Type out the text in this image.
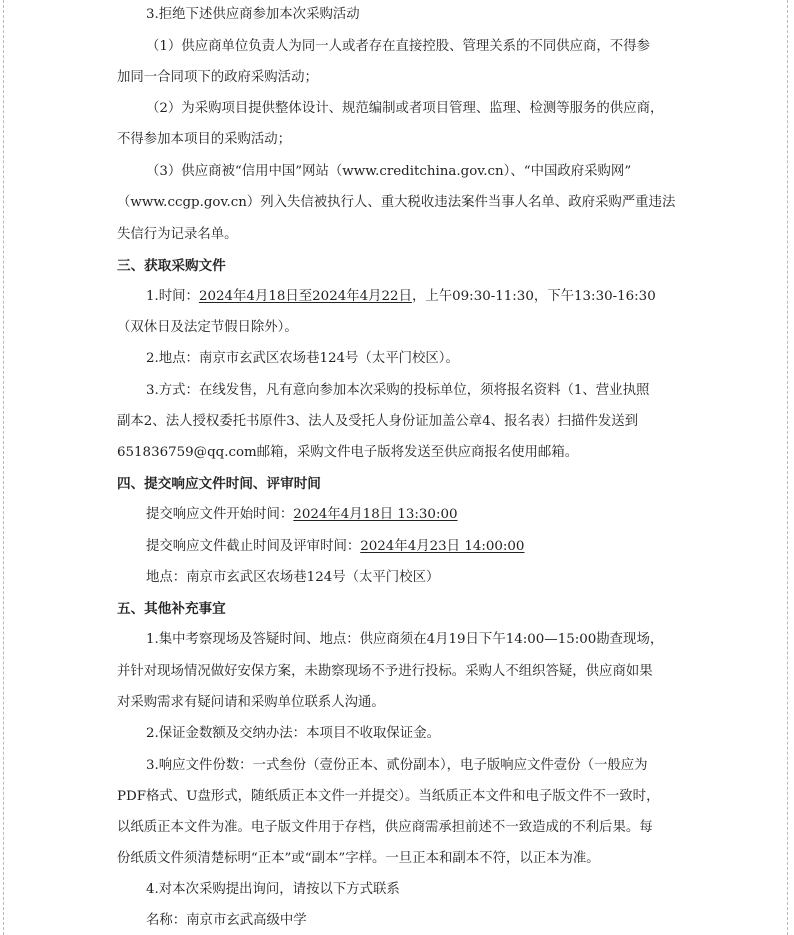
3.拒绝下述供应商参加本次采购活动
（1）供应商单位负责人为同一人或者存在直接控股、管理关系的不同供应商，不得参
加同一合同项下的政府采购活动；
（2）为采购项目提供整体设计、规范编制或者项目管理、监理、检测等服务的供应商，
不得参加本项目的采购活动；
（3）供应商被“信用中国”网站（www.creditchina.gov.cn）、“中国政府采购网”
（www.ccgp.gov.cn）列入失信被执行人、重大税收违法案件当事人名单、政府采购严重违法
失信行为记录名单。
三、获取采购文件
1.时间：2024年4月18日至2024年4月22日，上午09:30-11:30，下午13:30-16:30
（双休日及法定节假日除外）。
2.地点：南京市玄武区农场巷124号（太平门校区）。
3.方式：在线发售，凡有意向参加本次采购的投标单位，须将报名资料（1、营业执照
副本2、法人授权委托书原件3、法人及受托人身份证加盖公章4、报名表）扫描件发送到
651836759@qq.com邮箱，采购文件电子版将发送至供应商报名使用邮箱。
四、提交响应文件时间、评审时间
提交响应文件开始时间：2024年4月18日 13:30:00
提交响应文件截止时间及评审时间：2024年4月23日 14:00:00
地点：南京市玄武区农场巷124号（太平门校区）
五、其他补充事宜
1.集中考察现场及答疑时间、地点：供应商须在4月19日下午14:00—15:00勘查现场，
并针对现场情况做好安保方案，未勘察现场不予进行投标。采购人不组织答疑，供应商如果
对采购需求有疑问请和采购单位联系人沟通。
2.保证金数额及交纳办法：本项目不收取保证金。
3.响应文件份数：一式叁份（壹份正本、贰份副本），电子版响应文件壹份（一般应为
PDF格式、U盘形式，随纸质正本文件一并提交）。当纸质正本文件和电子版文件不一致时，
以纸质正本文件为准。电子版文件用于存档，供应商需承担前述不一致造成的不利后果。每
份纸质文件须清楚标明“正本”或“副本”字样。一旦正本和副本不符，以正本为准。
4.对本次采购提出询问，请按以下方式联系
名称：南京市玄武高级中学
